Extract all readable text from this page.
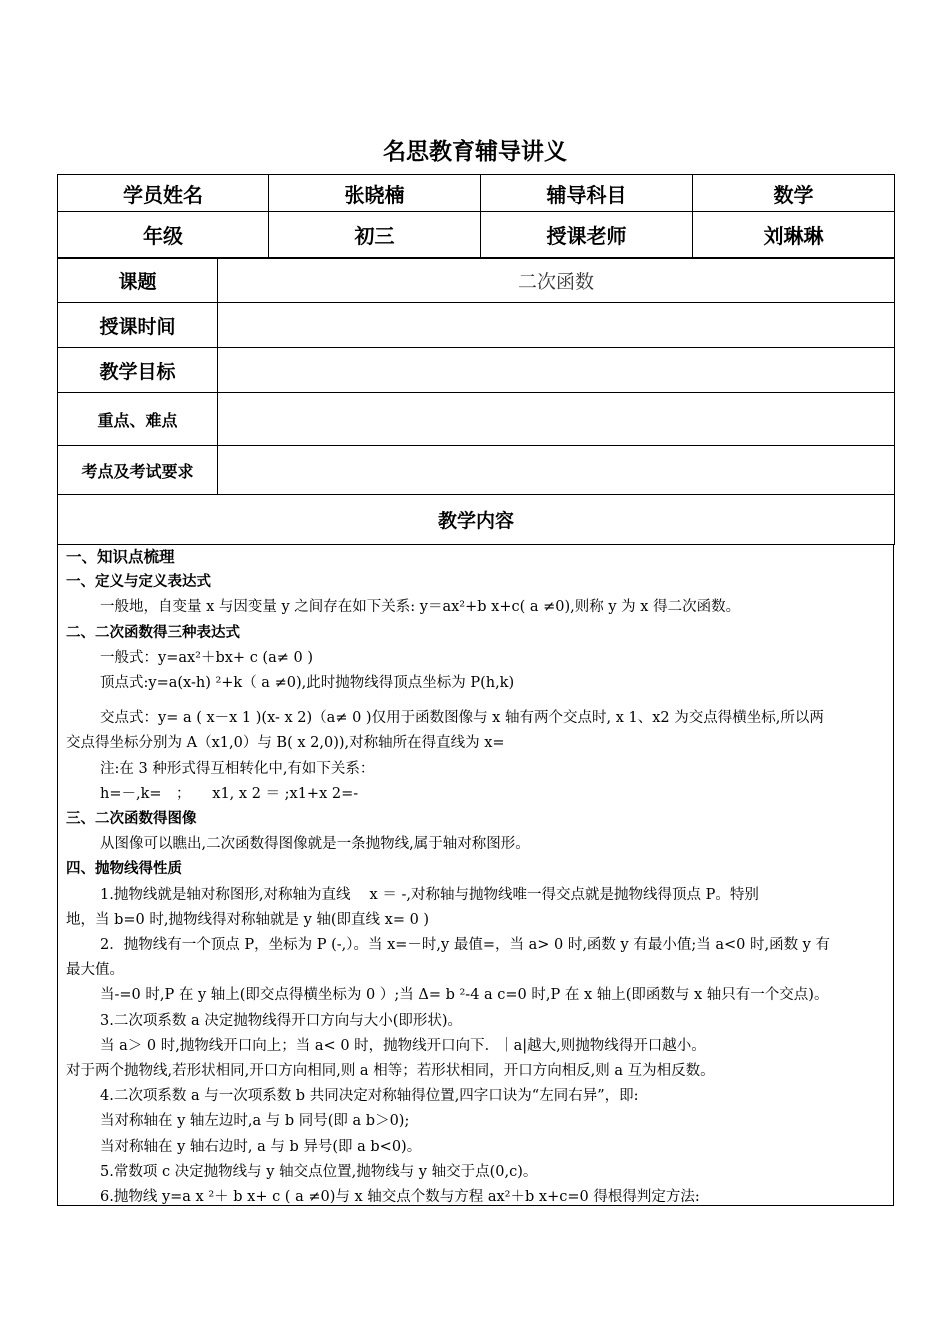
名思教育辅导讲义
学员姓名	张晓楠	辅导科目	数学
年级	初三	授课老师	刘琳琳
课题	二次函数
授课时间	
教学目标	
重点、难点	
考点及考试要求	
教学内容	

一、知识点梳理

一、定义与定义表达式

一般地，自变量 x 与因变量 y 之间存在如下关系: y＝ax²+b x+c( a ≠0),则称 y 为 x 得二次函数。

二、二次函数得三种表达式

一般式：y=ax²＋bx+ c (a≠ 0 )

顶点式:y=a(x-h) ²+k（ a ≠0),此时抛物线得顶点坐标为 P(h,k)

交点式：y= a ( x－x 1 )(x- x 2)（a≠ 0 )仅用于函数图像与 x 轴有两个交点时, x 1、x2 为交点得横坐标,所以两

交点得坐标分别为 A（x1,0）与 B( x 2,0)),对称轴所在得直线为 x=

注:在 3 种形式得互相转化中,有如下关系：

h=－,k=　；　　x1, x 2 ＝ ;x1+x 2=-

三、二次函数得图像

从图像可以瞧出,二次函数得图像就是一条抛物线,属于轴对称图形。

四、抛物线得性质

1.抛物线就是轴对称图形,对称轴为直线　 x ＝ -,对称轴与抛物线唯一得交点就是抛物线得顶点 P。特别

地，当 b=0 时,抛物线得对称轴就是 y 轴(即直线 x= 0 )

2．抛物线有一个顶点 P，坐标为 P (-,）。当 x=－时,y 最值=，当 a> 0 时,函数 y 有最小值;当 a<0 时,函数 y 有

最大值。

当-=0 时,P 在 y 轴上(即交点得横坐标为 0 ）;当 Δ= b ²-4 a c=0 时,P 在 x 轴上(即函数与 x 轴只有一个交点)。

3.二次项系数 a 决定抛物线得开口方向与大小(即形状)。

当 a＞ 0 时,抛物线开口向上；当 a< 0 时，抛物线开口向下．｜a|越大,则抛物线得开口越小。

对于两个抛物线,若形状相同,开口方向相同,则 a 相等；若形状相同，开口方向相反,则 a 互为相反数。

4.二次项系数 a 与一次项系数 b 共同决定对称轴得位置,四字口诀为“左同右异”，即:

当对称轴在 y 轴左边时,a 与 b 同号(即 a b＞0);

当对称轴在 y 轴右边时, a 与 b 异号(即 a b<0)。

5.常数项 c 决定抛物线与 y 轴交点位置,抛物线与 y 轴交于点(0,c)。

6.抛物线 y=a x ²＋ b x+ c ( a ≠0)与 x 轴交点个数与方程 ax²＋b x+c=0 得根得判定方法:
